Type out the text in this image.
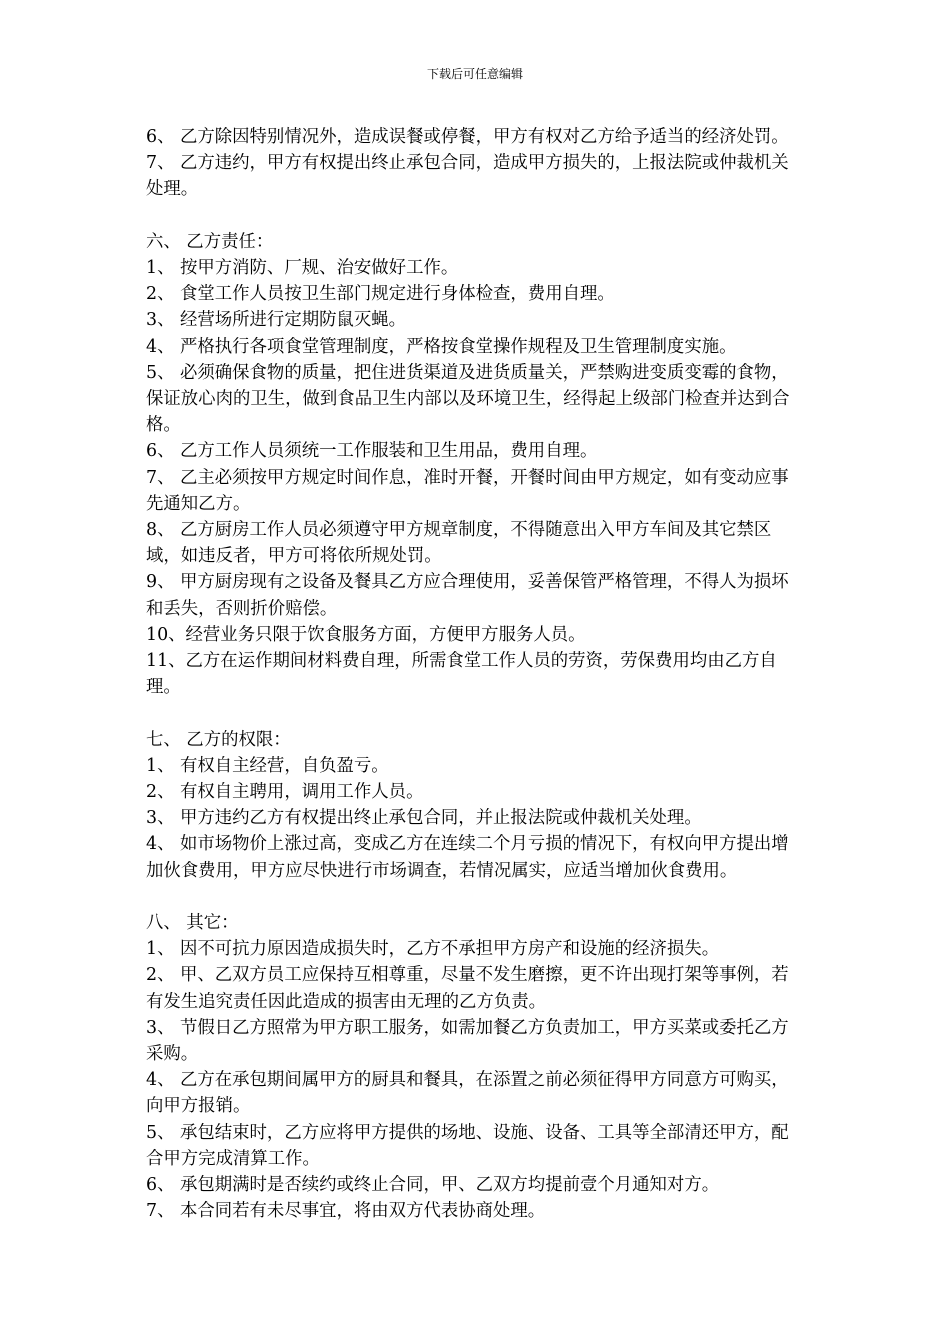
下载后可任意编辑

6、 乙方除因特别情况外，造成误餐或停餐，甲方有权对乙方给予适当的经济处罚。

7、 乙方违约，甲方有权提出终止承包合同，造成甲方损失的，上报法院或仲裁机关处理。

六、 乙方责任：

1、 按甲方消防、厂规、治安做好工作。

2、 食堂工作人员按卫生部门规定进行身体检查，费用自理。

3、 经营场所进行定期防鼠灭蝇。

4、 严格执行各项食堂管理制度，严格按食堂操作规程及卫生管理制度实施。

5、 必须确保食物的质量，把住进货渠道及进货质量关，严禁购进变质变霉的食物，保证放心肉的卫生，做到食品卫生内部以及环境卫生，经得起上级部门检查并达到合格。

6、 乙方工作人员须统一工作服装和卫生用品，费用自理。

7、 乙主必须按甲方规定时间作息，准时开餐，开餐时间由甲方规定，如有变动应事先通知乙方。

8、 乙方厨房工作人员必须遵守甲方规章制度，不得随意出入甲方车间及其它禁区域，如违反者，甲方可将依所规处罚。

9、 甲方厨房现有之设备及餐具乙方应合理使用，妥善保管严格管理，不得人为损坏和丢失，否则折价赔偿。

10、经营业务只限于饮食服务方面，方便甲方服务人员。

11、乙方在运作期间材料费自理，所需食堂工作人员的劳资，劳保费用均由乙方自理。

七、 乙方的权限：

1、 有权自主经营，自负盈亏。

2、 有权自主聘用，调用工作人员。

3、 甲方违约乙方有权提出终止承包合同，并止报法院或仲裁机关处理。

4、 如市场物价上涨过高，变成乙方在连续二个月亏损的情况下，有权向甲方提出增加伙食费用，甲方应尽快进行市场调查，若情况属实，应适当增加伙食费用。

八、 其它：

1、 因不可抗力原因造成损失时，乙方不承担甲方房产和设施的经济损失。

2、 甲、乙双方员工应保持互相尊重，尽量不发生磨擦，更不许出现打架等事例，若有发生追究责任因此造成的损害由无理的乙方负责。

3、 节假日乙方照常为甲方职工服务，如需加餐乙方负责加工，甲方买菜或委托乙方采购。

4、 乙方在承包期间属甲方的厨具和餐具，在添置之前必须征得甲方同意方可购买，向甲方报销。

5、 承包结束时，乙方应将甲方提供的场地、设施、设备、工具等全部清还甲方，配合甲方完成清算工作。

6、 承包期满时是否续约或终止合同，甲、乙双方均提前壹个月通知对方。

7、 本合同若有未尽事宜，将由双方代表协商处理。
